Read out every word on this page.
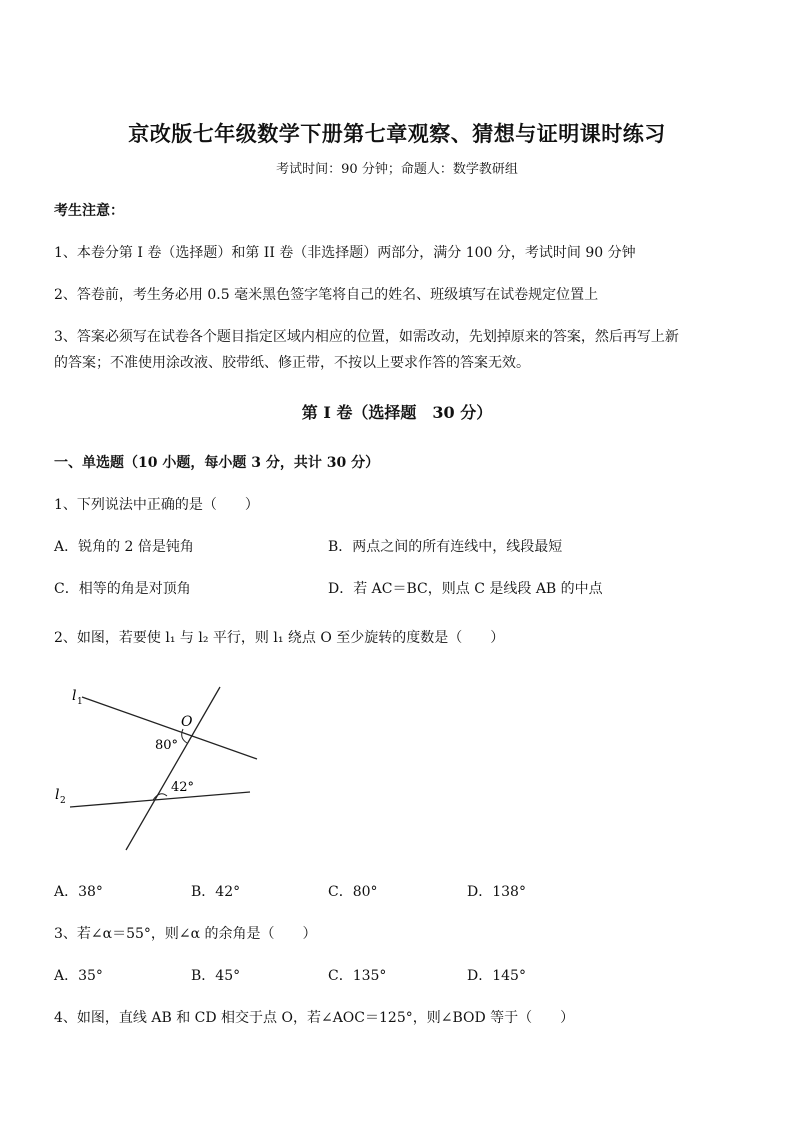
京改版七年级数学下册第七章观察、猜想与证明课时练习
考试时间：90 分钟；命题人：数学教研组
考生注意：
1、本卷分第 I 卷（选择题）和第 II 卷（非选择题）两部分，满分 100 分，考试时间 90 分钟
2、答卷前，考生务必用 0.5 毫米黑色签字笔将自己的姓名、班级填写在试卷规定位置上
3、答案必须写在试卷各个题目指定区域内相应的位置，如需改动，先划掉原来的答案，然后再写上新
的答案；不准使用涂改液、胶带纸、修正带，不按以上要求作答的答案无效。
第 I 卷（选择题　30 分）
一、单选题（10 小题，每小题 3 分，共计 30 分）
1、下列说法中正确的是（　　）
A．锐角的 2 倍是钝角	B．两点之间的所有连线中，线段最短
C．相等的角是对顶角	D．若 AC＝BC，则点 C 是线段 AB 的中点
2、如图，若要使 l₁ 与 l₂ 平行，则 l₁ 绕点 O 至少旋转的度数是（　　）
l 1
l 2
O
80°
42°
A．38°	B．42°	C．80°	D．138°
3、若∠α＝55°，则∠α 的余角是（　　）
A．35°	B．45°	C．135°	D．145°
4、如图，直线 AB 和 CD 相交于点 O，若∠AOC＝125°，则∠BOD 等于（　　）
